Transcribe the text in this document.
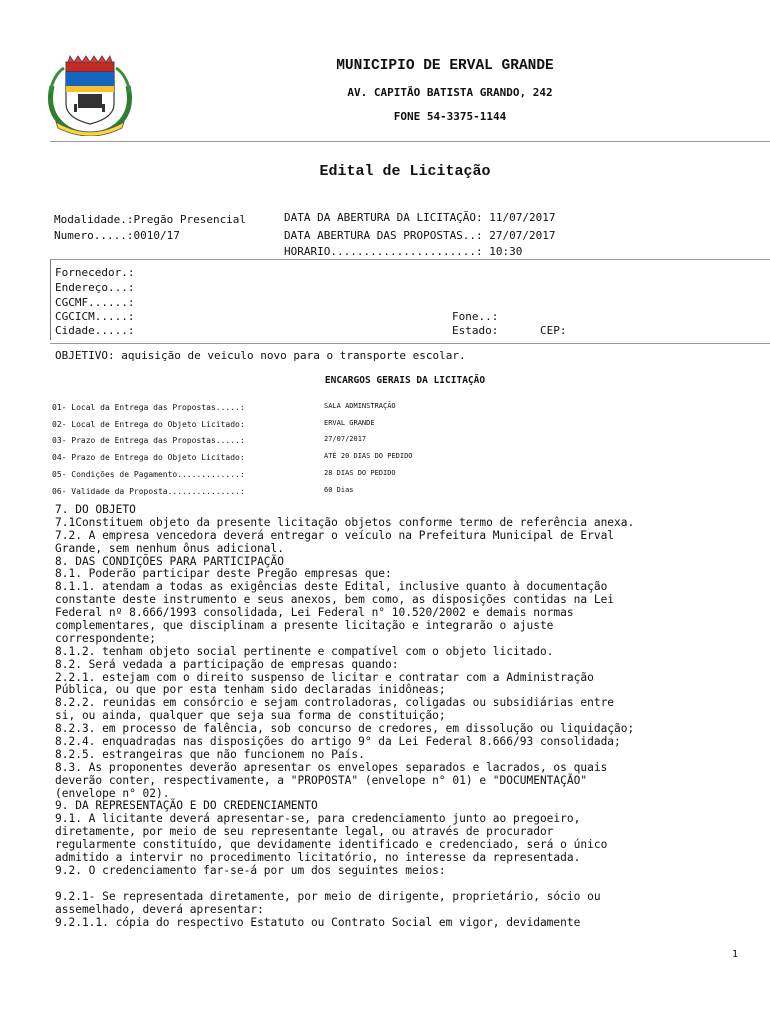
MUNICIPIO DE ERVAL GRANDE
AV. CAPITÃO BATISTA GRANDO, 242
FONE 54-3375-1144
Edital de Licitação
Modalidade.:Pregão Presencial
Numero.....:0010/17
DATA DA ABERTURA DA LICITAÇÃO: 11/07/2017
DATA ABERTURA DAS PROPOSTAS..: 27/07/2017
HORARIO......................: 10:30
Fornecedor.:
Endereço...:
CGCMF......:
CGCICM.....:
Cidade.....:
Fone..:
Estado:	CEP:
OBJETIVO: aquisição de veiculo novo para o transporte escolar.
ENCARGOS GERAIS DA LICITAÇÃO
01- Local da Entrega das Propostas.....:	SALA ADMINSTRAÇÃO
02- Local de Entrega do Objeto Licitado:	ERVAL GRANDE
03- Prazo de Entrega das Propostas.....:	27/07/2017
04- Prazo de Entrega do Objeto Licitado:	ATÉ 20 DIAS DO PEDIDO
05- Condições de Pagamento.............:	28 DIAS DO PEDIDO
06- Validade da Proposta...............:	60 Dias
7. DO OBJETO
7.1Constituem objeto da presente licitação objetos conforme termo de referência anexa.
7.2. A empresa vencedora deverá entregar o veículo na Prefeitura Municipal de Erval
Grande, sem nenhum ônus adicional.
8. DAS CONDIÇÕES PARA PARTICIPAÇÃO
8.1. Poderão participar deste Pregão empresas que:
8.1.1. atendam a todas as exigências deste Edital, inclusive quanto à documentação
constante deste instrumento e seus anexos, bem como, as disposições contidas na Lei
Federal nº 8.666/1993 consolidada, Lei Federal n° 10.520/2002 e demais normas
complementares, que disciplinam a presente licitação e integrarão o ajuste
correspondente;
8.1.2. tenham objeto social pertinente e compatível com o objeto licitado.
8.2. Será vedada a participação de empresas quando:
2.2.1. estejam com o direito suspenso de licitar e contratar com a Administração
Pública, ou que por esta tenham sido declaradas inidôneas;
8.2.2. reunidas em consórcio e sejam controladoras, coligadas ou subsidiárias entre
si, ou ainda, qualquer que seja sua forma de constituição;
8.2.3. em processo de falência, sob concurso de credores, em dissolução ou liquidação;
8.2.4. enquadradas nas disposições do artigo 9° da Lei Federal 8.666/93 consolidada;
8.2.5. estrangeiras que não funcionem no País.
8.3. As proponentes deverão apresentar os envelopes separados e lacrados, os quais
deverão conter, respectivamente, a "PROPOSTA" (envelope n° 01) e "DOCUMENTAÇÃO"
(envelope n° 02).
9. DA REPRESENTAÇÃO E DO CREDENCIAMENTO
9.1. A licitante deverá apresentar-se, para credenciamento junto ao pregoeiro,
diretamente, por meio de seu representante legal, ou através de procurador
regularmente constituído, que devidamente identificado e credenciado, será o único
admitido a intervir no procedimento licitatório, no interesse da representada.
9.2. O credenciamento far-se-á por um dos seguintes meios:
9.2.1- Se representada diretamente, por meio de dirigente, proprietário, sócio ou
assemelhado, deverá apresentar:
9.2.1.1. cópia do respectivo Estatuto ou Contrato Social em vigor, devidamente
1
